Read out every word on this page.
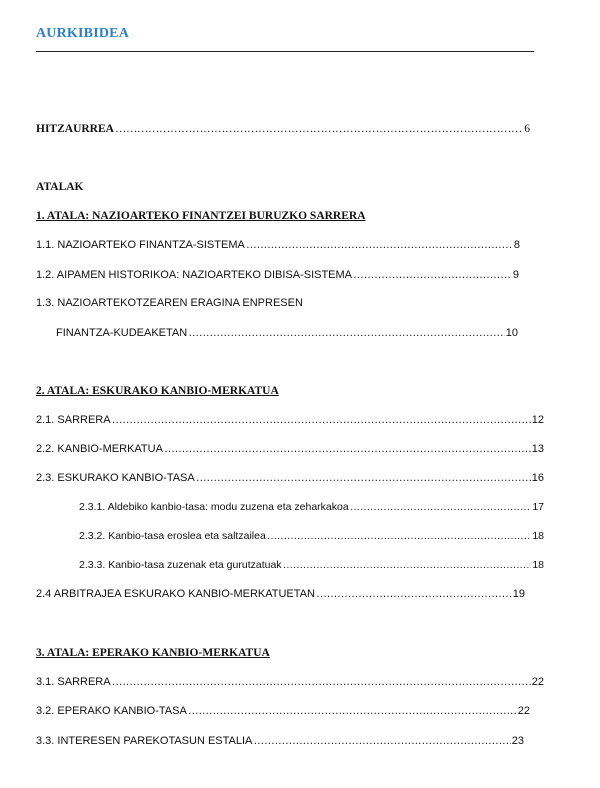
AURKIBIDEA
HITZAURREA ……………………………………………………………………………………………………………………………………………………………………………………………	6
ATALAK
1. ATALA: NAZIOARTEKO FINANTZEI BURUZKO SARRERA
1.1. NAZIOARTEKO FINANTZA-SISTEMA ……………………………………………………………………………………………………………………………………………………………………………………………	8
1.2. AIPAMEN HISTORIKOA: NAZIOARTEKO DIBISA-SISTEMA ……………………………………………………………………………………………………………………………………………………………………………………………	9
1.3. NAZIOARTEKOTZEAREN ERAGINA ENPRESEN
FINANTZA-KUDEAKETAN ……………………………………………………………………………………………………………………………………………………………………………………………	10
2. ATALA: ESKURAKO KANBIO-MERKATUA
2.1. SARRERA ……………………………………………………………………………………………………………………………………………………………………………………………	12
2.2. KANBIO-MERKATUA ……………………………………………………………………………………………………………………………………………………………………………………………	13
2.3. ESKURAKO KANBIO-TASA ……………………………………………………………………………………………………………………………………………………………………………………………	16
2.3.1. Aldebiko kanbio-tasa: modu zuzena eta zeharkakoa ……………………………………………………………………………………………………………………………………………………………………………………………	17
2.3.2. Kanbio-tasa eroslea eta saltzailea ……………………………………………………………………………………………………………………………………………………………………………………………	18
2.3.3. Kanbio-tasa zuzenak eta gurutzatuak ……………………………………………………………………………………………………………………………………………………………………………………………	18
2.4 ARBITRAJEA ESKURAKO KANBIO-MERKATUETAN ……………………………………………………………………………………………………………………………………………………………………………………………	19
3. ATALA: EPERAKO KANBIO-MERKATUA
3.1. SARRERA ……………………………………………………………………………………………………………………………………………………………………………………………	22
3.2. EPERAKO KANBIO-TASA ……………………………………………………………………………………………………………………………………………………………………………………………	22
3.3. INTERESEN PAREKOTASUN ESTALIA ……………………………………………………………………………………………………………………………………………………………………………………………	23
